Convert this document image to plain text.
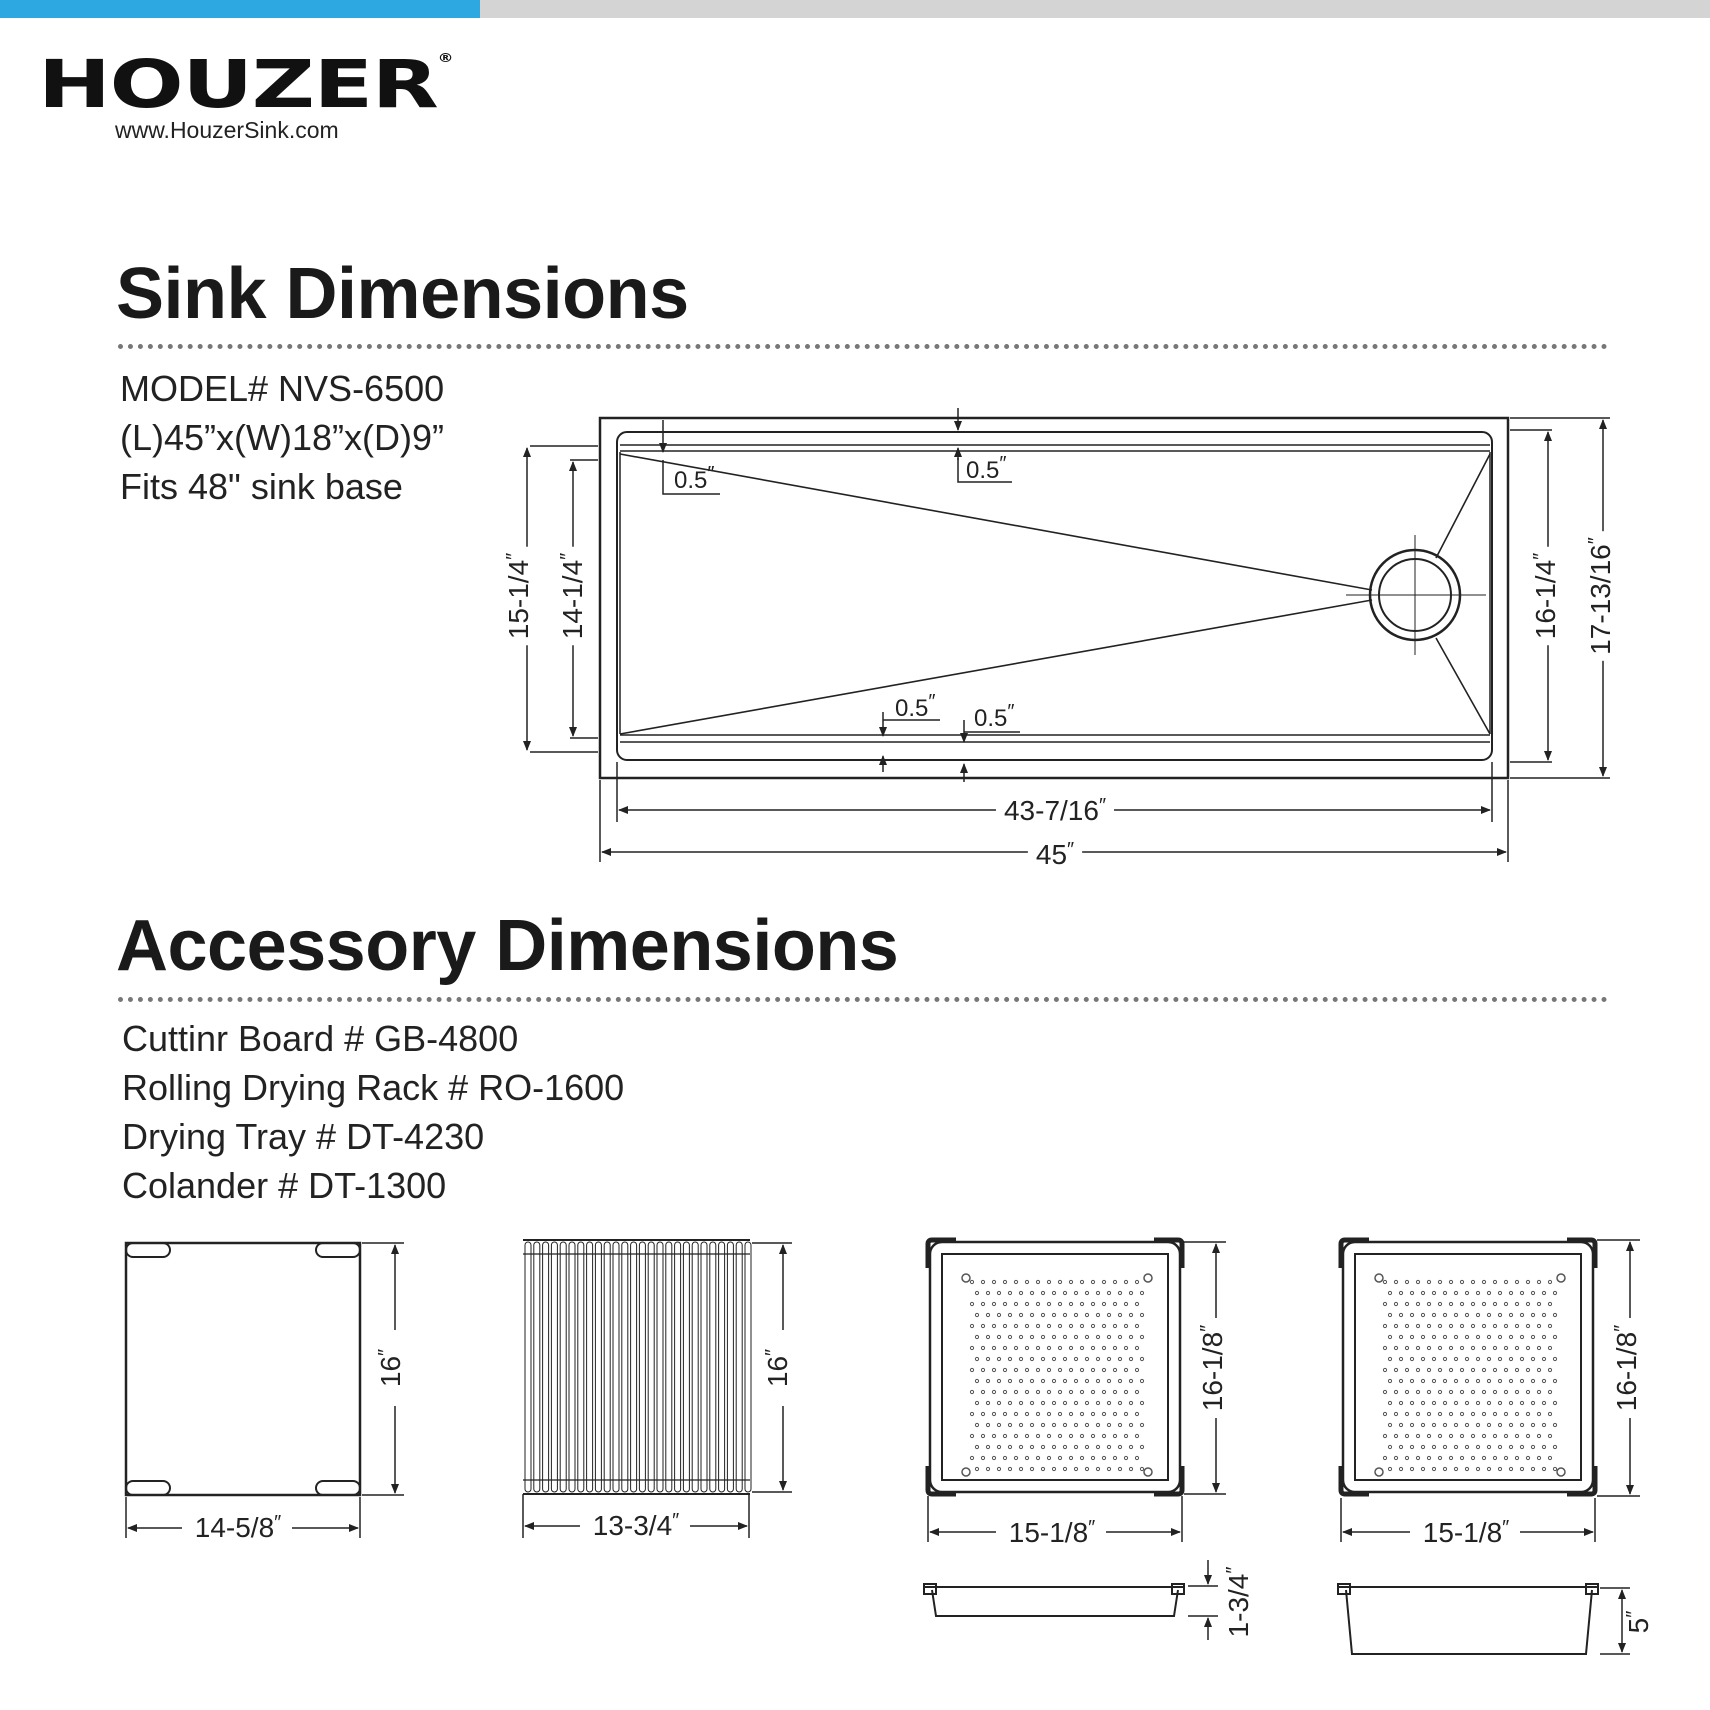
HOUZER®
www.HouzerSink.com
Sink Dimensions
MODEL# NVS-6500
(L)45”x(W)18”x(D)9”
Fits 48" sink base
Accessory Dimensions
Cuttinr Board # GB-4800
Rolling Drying Rack # RO-1600
Drying Tray # DT-4230
Colander # DT-1300
0.5″	0.5″
0.5″
0.5″
15-1/4″
14-1/4″
16-1/4″	17-13/16″
43-7/16″
45″
14-5/8″
16″
13-3/4″
16″
15-1/8″
16-1/8″
1-3/4″
15-1/8″
16-1/8″
5″
